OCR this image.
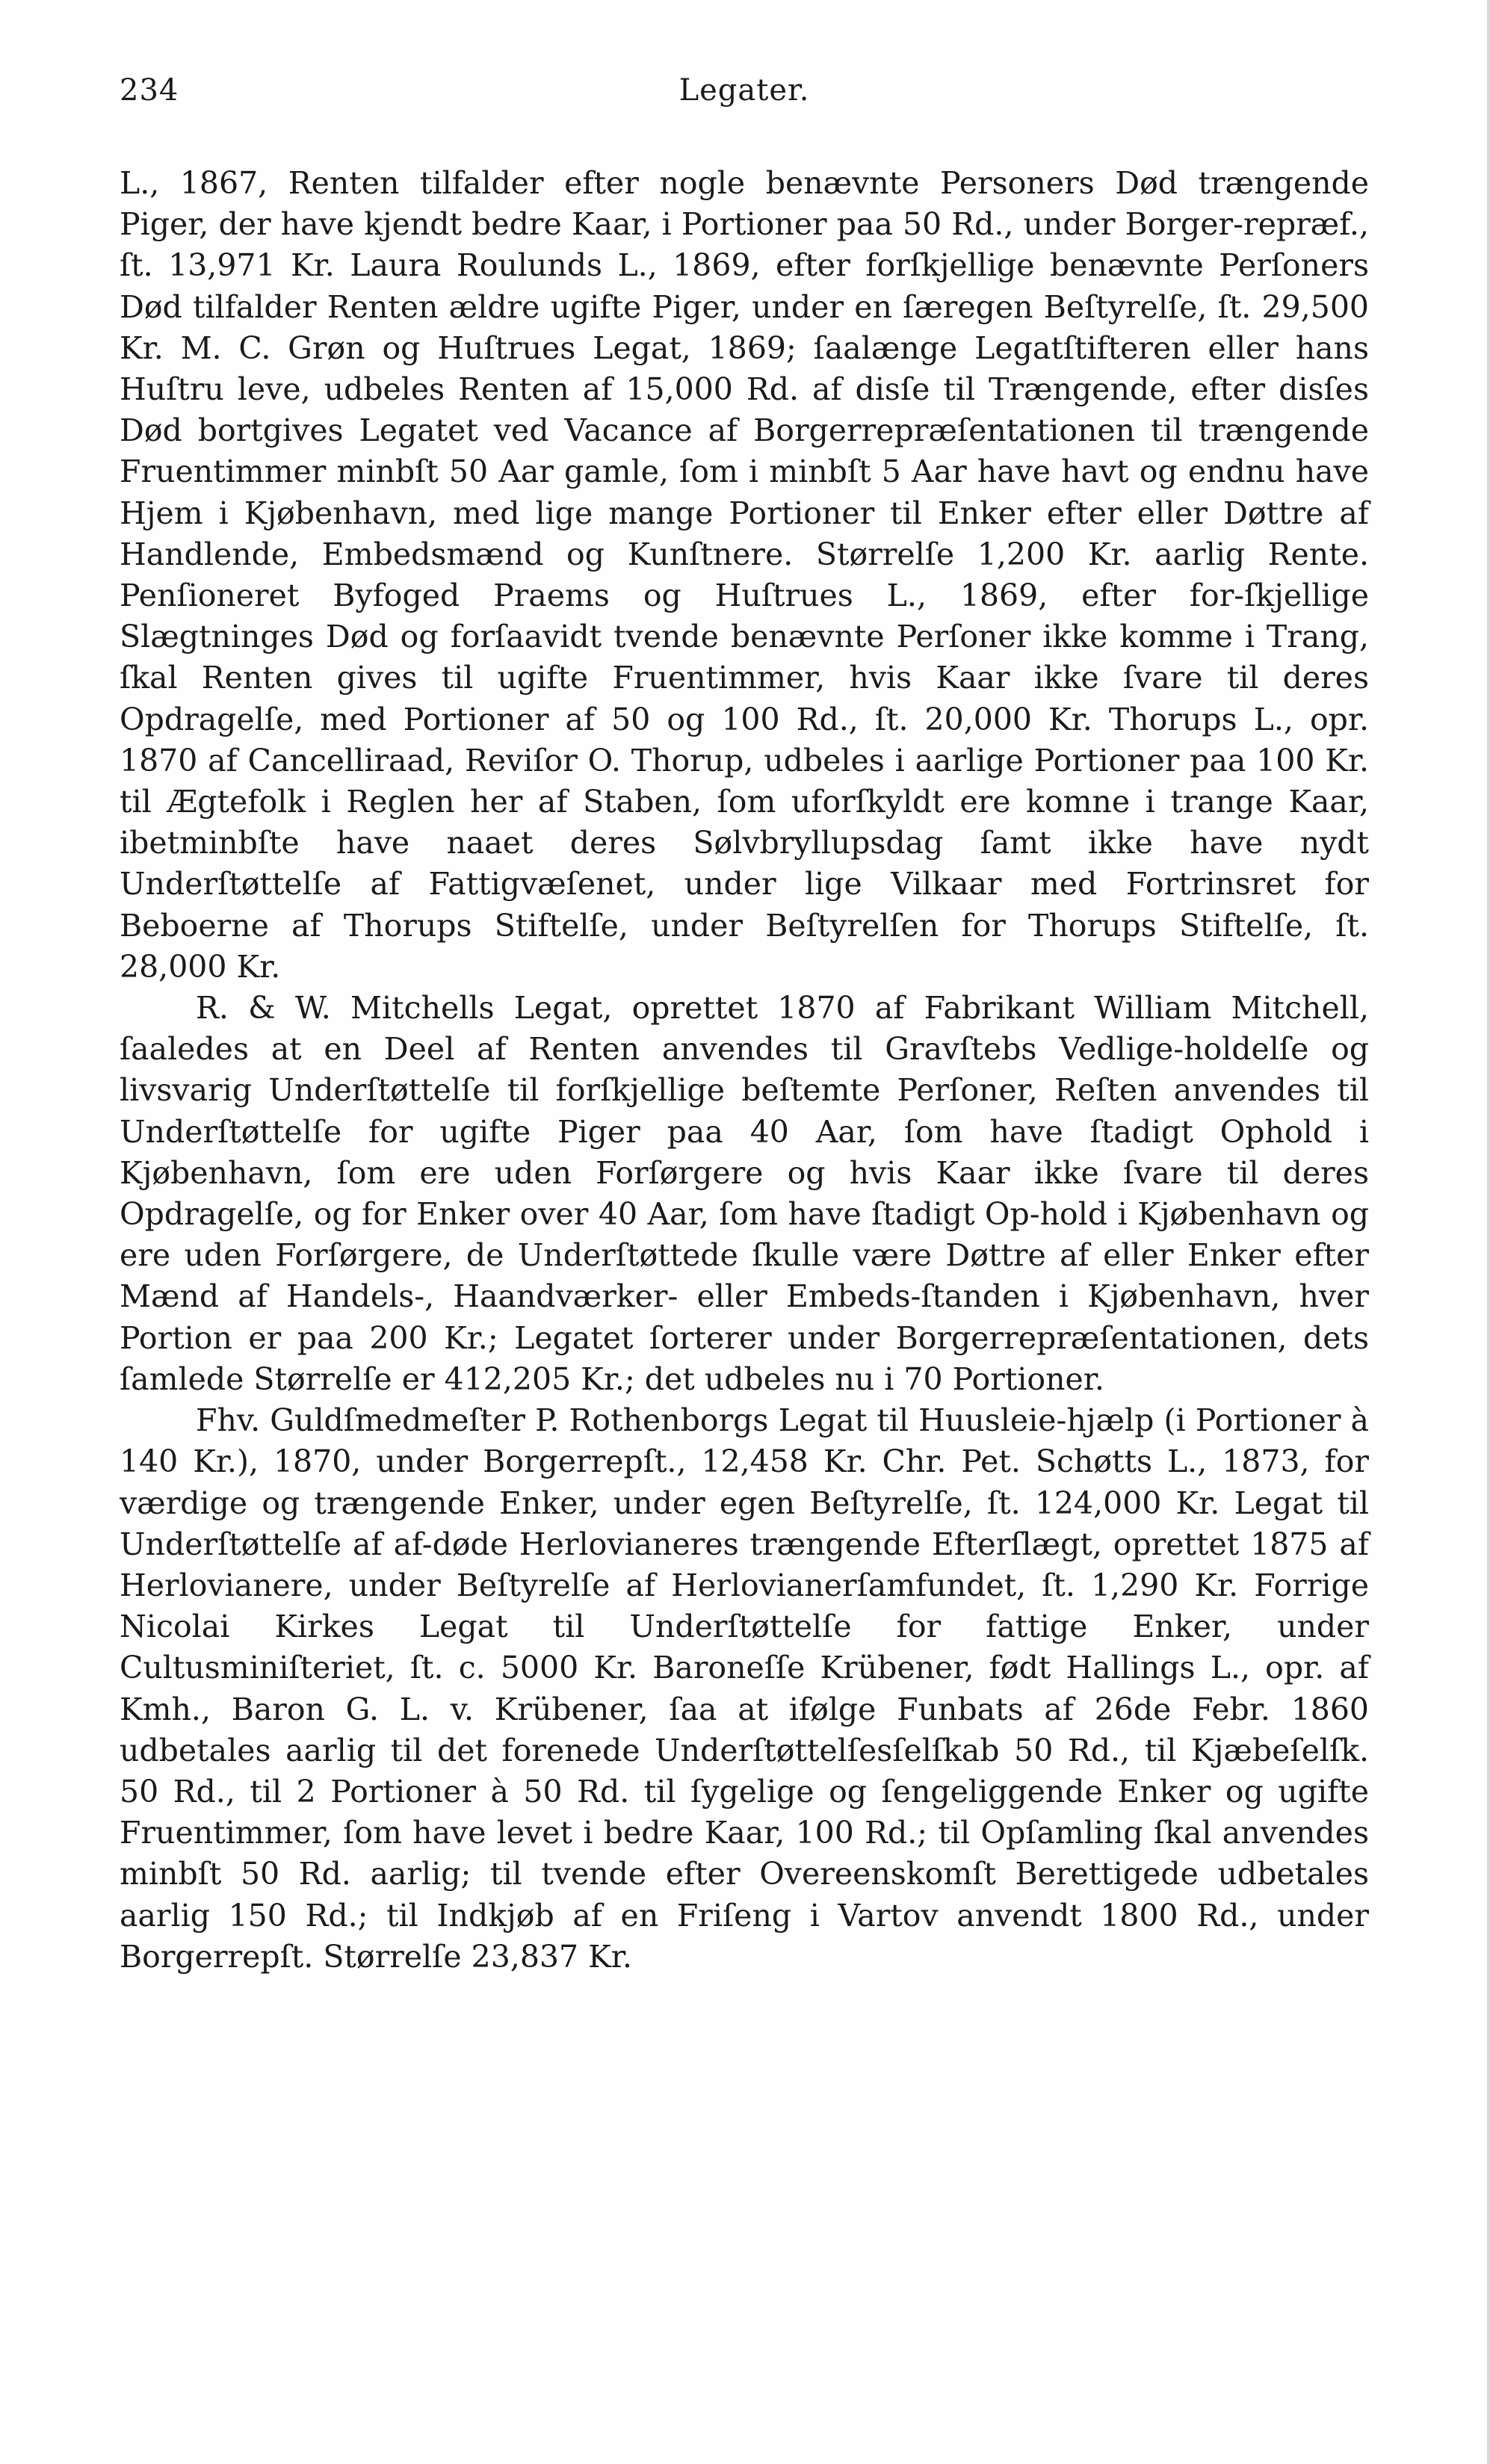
234	Legater.

L., 1867, Renten tilfalder efter nogle benævnte Personers Død trængende Piger, der have kjendt bedre Kaar, i Portioner paa 50 Rd., under Borger-repræf., ſt. 13,971 Kr. Laura Roulunds L., 1869, efter forſkjellige benævnte Perſoners Død tilfalder Renten ældre ugifte Piger, under en ſæregen Beſtyrelſe, ſt. 29,500 Kr. M. C. Grøn og Huſtrues Legat, 1869; ſaalænge Legatſtifteren eller hans Huſtru leve, udbeles Renten af 15,000 Rd. af disſe til Trængende, efter disſes Død bortgives Legatet ved Vacance af Borgerrepræſentationen til trængende Fruentimmer minbſt 50 Aar gamle, ſom i minbſt 5 Aar have havt og endnu have Hjem i Kjøbenhavn, med lige mange Portioner til Enker efter eller Døttre af Handlende, Embedsmænd og Kunſtnere. Størrelſe 1,200 Kr. aarlig Rente. Penſioneret Byfoged Praems og Huſtrues L., 1869, efter for-ſkjellige Slægtninges Død og forſaavidt tvende benævnte Perſoner ikke komme i Trang, ſkal Renten gives til ugifte Fruentimmer, hvis Kaar ikke ſvare til deres Opdragelſe, med Portioner af 50 og 100 Rd., ſt. 20,000 Kr. Thorups L., opr. 1870 af Cancelliraad, Reviſor O. Thorup, udbeles i aarlige Portioner paa 100 Kr. til Ægtefolk i Reglen her af Staben, ſom uforſkyldt ere komne i trange Kaar, ibetminbſte have naaet deres Sølvbryllupsdag ſamt ikke have nydt Underſtøttelſe af Fattigvæſenet, under lige Vilkaar med Fortrinsret for Beboerne af Thorups Stiftelſe, under Beſtyrelſen for Thorups Stiftelſe, ſt. 28,000 Kr.

R. & W. Mitchells Legat, oprettet 1870 af Fabrikant William Mitchell, ſaaledes at en Deel af Renten anvendes til Gravſtebs Vedlige-holdelſe og livsvarig Underſtøttelſe til forſkjellige beſtemte Perſoner, Reſten anvendes til Underſtøttelſe for ugifte Piger paa 40 Aar, ſom have ſtadigt Ophold i Kjøbenhavn, ſom ere uden Forſørgere og hvis Kaar ikke ſvare til deres Opdragelſe, og for Enker over 40 Aar, ſom have ſtadigt Op-hold i Kjøbenhavn og ere uden Forſørgere, de Underſtøttede ſkulle være Døttre af eller Enker efter Mænd af Handels-, Haandværker- eller Embeds-ſtanden i Kjøbenhavn, hver Portion er paa 200 Kr.; Legatet ſorterer under Borgerrepræſentationen, dets ſamlede Størrelſe er 412,205 Kr.; det udbeles nu i 70 Portioner.

Fhv. Guldſmedmeſter P. Rothenborgs Legat til Huusleie-hjælp (i Portioner à 140 Kr.), 1870, under Borgerrepſt., 12,458 Kr. Chr. Pet. Schøtts L., 1873, for værdige og trængende Enker, under egen Beſtyrelſe, ſt. 124,000 Kr. Legat til Underſtøttelſe af af-døde Herlovianeres trængende Efterſlægt, oprettet 1875 af Herlovianere, under Beſtyrelſe af Herlovianerſamfundet, ſt. 1,290 Kr. Forrige Nicolai Kirkes Legat til Underſtøttelſe for fattige Enker, under Cultusminiſteriet, ſt. c. 5000 Kr. Baroneſſe Krübener, født Hallings L., opr. af Kmh., Baron G. L. v. Krübener, ſaa at ifølge Funbats af 26de Febr. 1860 udbetales aarlig til det forenede Underſtøttelſesſelſkab 50 Rd., til Kjæbeſelſk. 50 Rd., til 2 Portioner à 50 Rd. til ſygelige og ſengeliggende Enker og ugifte Fruentimmer, ſom have levet i bedre Kaar, 100 Rd.; til Opſamling ſkal anvendes minbſt 50 Rd. aarlig; til tvende efter Overeenskomſt Berettigede udbetales aarlig 150 Rd.; til Indkjøb af en Friſeng i Vartov anvendt 1800 Rd., under Borgerrepſt. Størrelſe 23,837 Kr.
